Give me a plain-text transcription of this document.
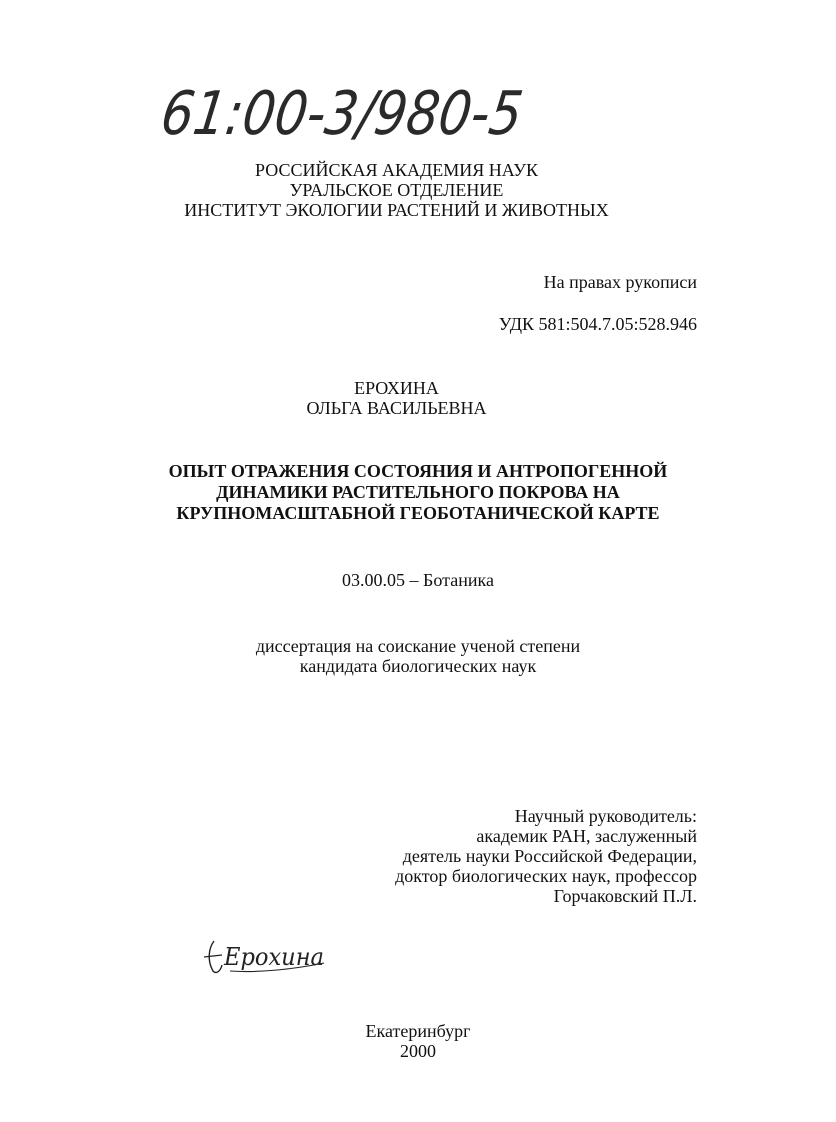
61:00-3/980-5
РОССИЙСКАЯ АКАДЕМИЯ НАУК
УРАЛЬСКОЕ ОТДЕЛЕНИЕ
ИНСТИТУТ ЭКОЛОГИИ РАСТЕНИЙ И ЖИВОТНЫХ
На правах рукописи
УДК 581:504.7.05:528.946
ЕРОХИНА
ОЛЬГА ВАСИЛЬЕВНА
ОПЫТ ОТРАЖЕНИЯ СОСТОЯНИЯ И АНТРОПОГЕННОЙ
ДИНАМИКИ РАСТИТЕЛЬНОГО ПОКРОВА НА
КРУПНОМАСШТАБНОЙ ГЕОБОТАНИЧЕСКОЙ КАРТЕ
03.00.05 – Ботаника
диссертация на соискание ученой степени
кандидата биологических наук
Научный руководитель:
академик РАН, заслуженный
деятель науки Российской Федерации,
доктор биологических наук, профессор
Горчаковский П.Л.
Ерохина
Екатеринбург
2000
